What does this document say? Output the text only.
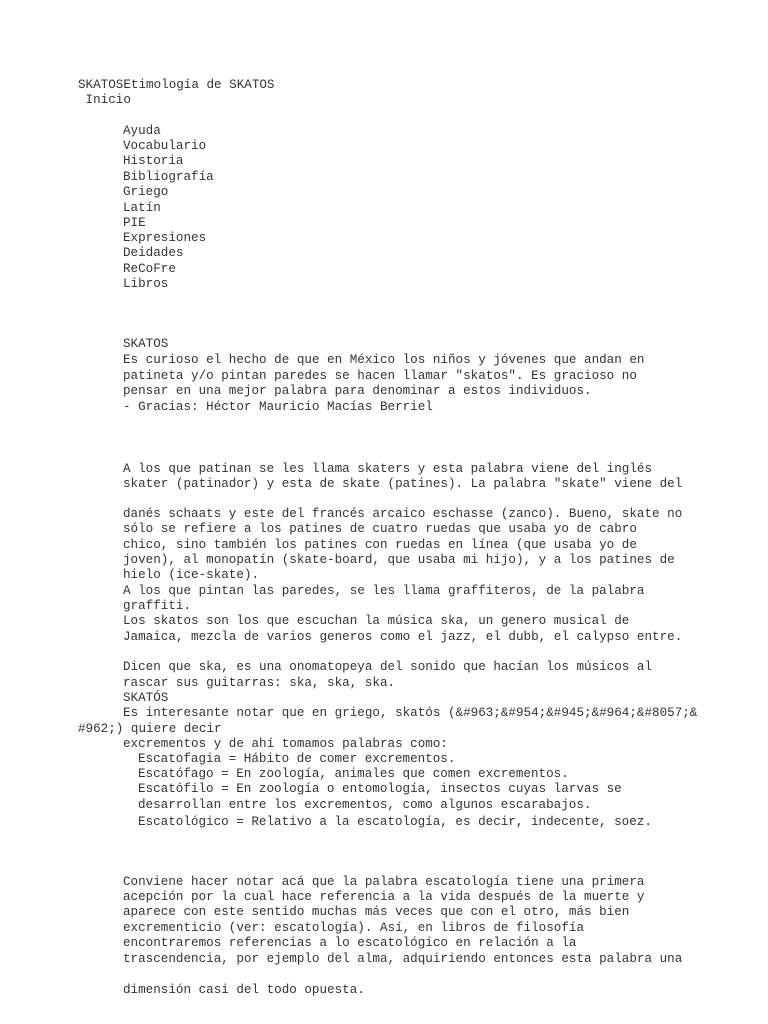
SKATOSEtimología de SKATOS

Inicio

Ayuda

Vocabulario

Historia

Bibliografía

Griego

Latín

PIE

Expresiones

Deidades

ReCoFre

Libros

SKATOS

Es curioso el hecho de que en México los niños y jóvenes que andan en

patineta y/o pintan paredes se hacen llamar "skatos". Es gracioso no

pensar en una mejor palabra para denominar a estos individuos.

- Gracias: Héctor Mauricio Macías Berriel

A los que patinan se les llama skaters y esta palabra viene del inglés

skater (patinador) y esta de skate (patines). La palabra "skate" viene del

danés schaats y este del francés arcaico eschasse (zanco). Bueno, skate no

sólo se refiere a los patines de cuatro ruedas que usaba yo de cabro

chico, sino también los patines con ruedas en línea (que usaba yo de

joven), al monopatín (skate-board, que usaba mi hijo), y a los patines de

hielo (ice-skate).

A los que pintan las paredes, se les llama graffiteros, de la palabra

graffiti.

Los skatos son los que escuchan la música ska, un genero musical de

Jamaica, mezcla de varios generos como el jazz, el dubb, el calypso entre.

Dicen que ska, es una onomatopeya del sonido que hacían los músicos al

rascar sus guitarras: ska, ska, ska.

SKATÓS

Es interesante notar que en griego, skatós (&#963;&#954;&#945;&#964;&#8057;&

#962;) quiere decir

excrementos y de ahí tomamos palabras como:

Escatofagia = Hábito de comer excrementos.

Escatófago = En zoología, animales que comen excrementos.

Escatófilo = En zoología o entomología, insectos cuyas larvas se

desarrollan entre los excrementos, como algunos escarabajos.

Escatológico = Relativo a la escatología, es decir, indecente, soez.

Conviene hacer notar acá que la palabra escatología tiene una primera

acepción por la cual hace referencia a la vida después de la muerte y

aparece con este sentido muchas más veces que con el otro, más bien

excrementicio (ver: escatología). Así, en libros de filosofía

encontraremos referencias a lo escatológico en relación a la

trascendencia, por ejemplo del alma, adquiriendo entonces esta palabra una

dimensión casi del todo opuesta.
